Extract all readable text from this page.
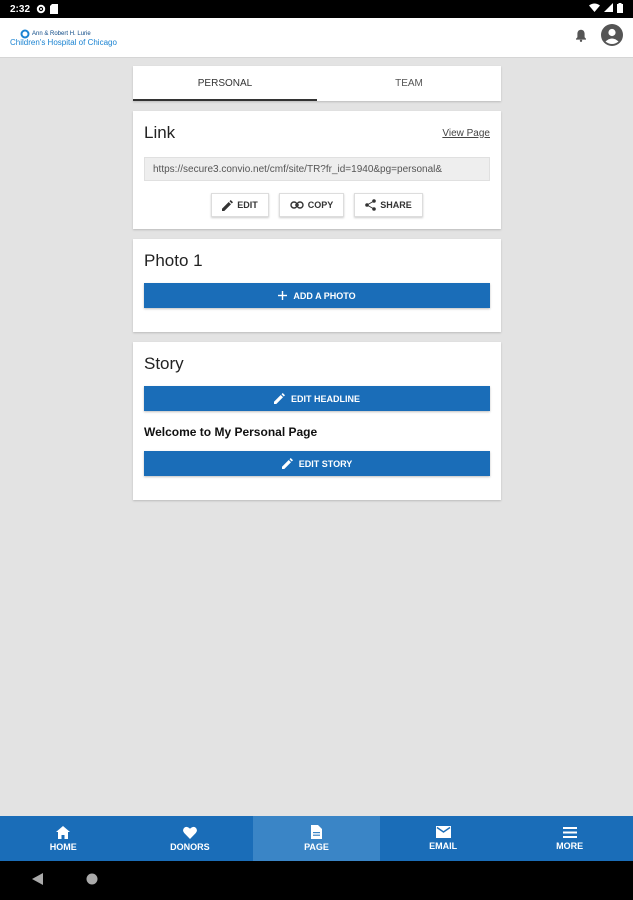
2:32
Ann & Robert H. Lurie
Children's Hospital of Chicago
PERSONAL	TEAM
Link	View Page
https://secure3.convio.net/cmf/site/TR?fr_id=1940&pg=personal&
EDIT	COPY	SHARE
Photo 1
ADD A PHOTO
Story
EDIT HEADLINE
Welcome to My Personal Page
EDIT STORY
HOME	DONORS	PAGE	EMAIL	MORE
